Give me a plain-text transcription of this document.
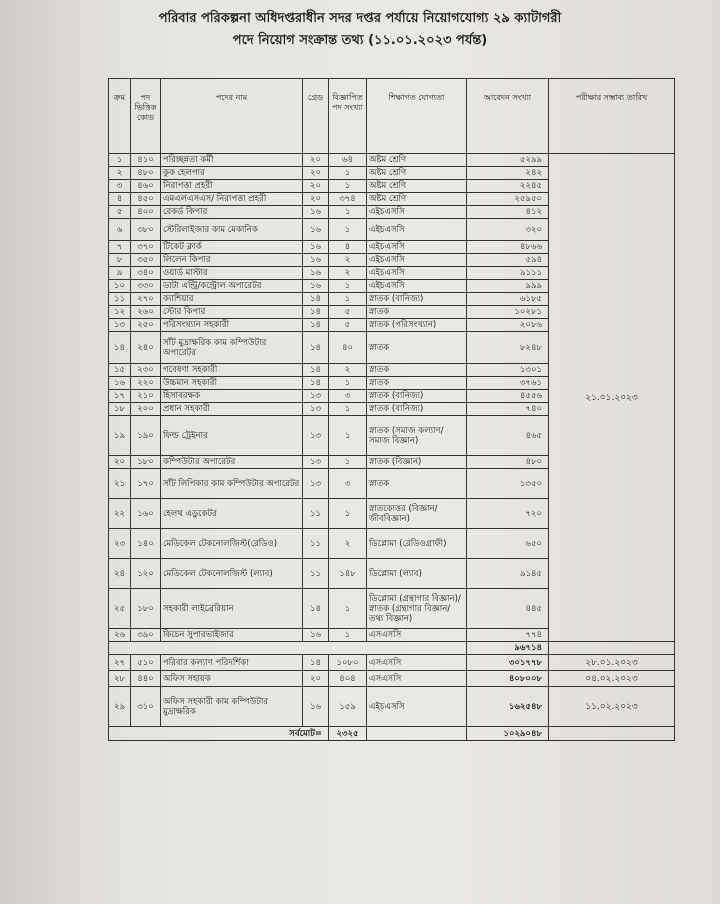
পরিবার পরিকল্পনা অধিদপ্তরাধীন সদর দপ্তর পর্যায়ে নিয়োগযোগ্য ২৯ ক্যাটাগরী
পদে নিয়োগ সংক্রান্ত তথ্য (১১.০১.২০২৩ পর্যন্ত)
ক্রম	পদ ভিত্তিক কোড	পদের নাম	গ্রেড	বিজ্ঞাপিত পদ সংখ্যা	শিক্ষাগত যোগ্যতা	আবেদন সংখ্যা	পরীক্ষার সম্ভাব্য তারিখ
১	৪১০	পরিচ্ছন্নতা কর্মী	২০	৬৪	অষ্টম শ্রেণি	৫২৯৯	২১.০১.২০২৩
২	৪৮০	কুক হেলপার	২০	১	অষ্টম শ্রেণি	২৪২	
৩	৪৬০	নিরাপত্তা প্রহরী	২০	১	অষ্টম শ্রেণি	২২৪৫	
৪	৪৫০	এমএলএসএস/ নিরাপত্তা প্রহরী	২০	৩৭৪	অষ্টম শ্রেণি	২৫৯৫০	
৫	৪০০	রেকর্ড কিপার	১৬	১	এইচএসসি	৪১২	
৬	৩৮০	স্টেরিলাইজার কাম মেকানিক	১৬	১	এইচএসসি	৩২০	
৭	৩৭০	টিকেট ক্লার্ক	১৬	৪	এইচএসসি	৪৮৬৬	
৮	৩৫০	লিলেন কিপার	১৬	২	এইচএসসি	৫৯৪	
৯	৩৪০	ওয়ার্ড মাস্টার	১৬	২	এইচএসসি	৯১১১	
১০	৩৩০	ডাটা এন্ট্রি/কন্ট্রোল অপারেটর	১৬	১	এইচএসসি	৯৯৯	
১১	২৭০	ক্যাশিয়ার	১৪	১	স্নাতক (বানিজ্য)	৬১৮৫	
১২	২৬০	স্টোর কিপার	১৪	৫	স্নাতক	১০২৮১	
১৩	২৫০	পরিসংখ্যান সহকারী	১৪	৫	স্নাতক (পরিসংখ্যান)	২০৮৬	
১৪	২৪০	সাঁট মুদ্রাক্ষরিক কাম কম্পিউটার অপারেটর	১৪	৪০	স্নাতক	৮২৪৮	
১৫	২৩০	গবেষণা সহকারী	১৪	২	স্নাতক	১৩০১	
১৬	২২০	উচ্চমান সহকারী	১৪	১	স্নাতক	৩৭৬১	
১৭	২১০	হিসাবরক্ষক	১৩	৩	স্নাতক (বানিজ্য)	৪৫৫৬	
১৮	২০০	প্রধান সহকারী	১৩	১	স্নাতক (বানিজ্য)	৭৪০	
১৯	১৯০	ফিল্ড ট্রেইনার	১৩	১	স্নাতক (সমাজ কল্যাণ/ সমাজ বিজ্ঞান)	৪৬৫	
২০	১৮০	কম্পিউটার অপারেটর	১৩	১	স্নাতক (বিজ্ঞান)	৪৮০	
২১	১৭০	সাঁট লিপিকার কাম কম্পিউটার অপারেটর	১৩	৩	স্নাতক	১৩৫০	
২২	১৬০	হেলথ এডুকেটর	১১	১	স্নাতকোত্তর (বিজ্ঞান/ জীববিজ্ঞান)	৭২০	
২৩	১৪০	মেডিকেল টেকনোলজিস্ট(রেডিও)	১১	২	ডিপ্লোমা (রেডিওগ্রাফী)	৬৫০	
২৪	১২০	মেডিকেল টেকনোলজিস্ট (ল্যাব)	১১	১৪৮	ডিপ্লোমা (ল্যাব)	৯১৪৫	
২৫	১৮০	সহকারী লাইব্রেরিয়ান	১৪	১	ডিপ্লোমা (গ্রন্থাগার বিজ্ঞান)/ স্নাতক (গ্রন্থাগার বিজ্ঞান/তথ্য বিজ্ঞান)	৪৪৫	
২৬	৩৯০	কিচেন সুপারভাইজার	১৬	১	এসএসসি	৭৭৪	
						৯৬৭১৪	
২৭	৫১০	পরিবার কল্যাণ পরিদর্শিকা	১৪	১০৮০	এসএসসি	৩০১৭৭৮	২৮.০১.২০২৩
২৮	৪৪০	অফিস সহায়ক	২০	৪০৪	এসএসসি	৪০৮০০৮	০৪.০২.২০২৩
২৯	৩১০	অফিস সহকারী কাম কম্পিউটার মুদ্রাক্ষরিক	১৬	১৫৯	এইচএসসি	১৬২৫৪৮	১১.০২.২০২৩
সর্বমোট=				২৩২৫		১০২৯০৪৮	
